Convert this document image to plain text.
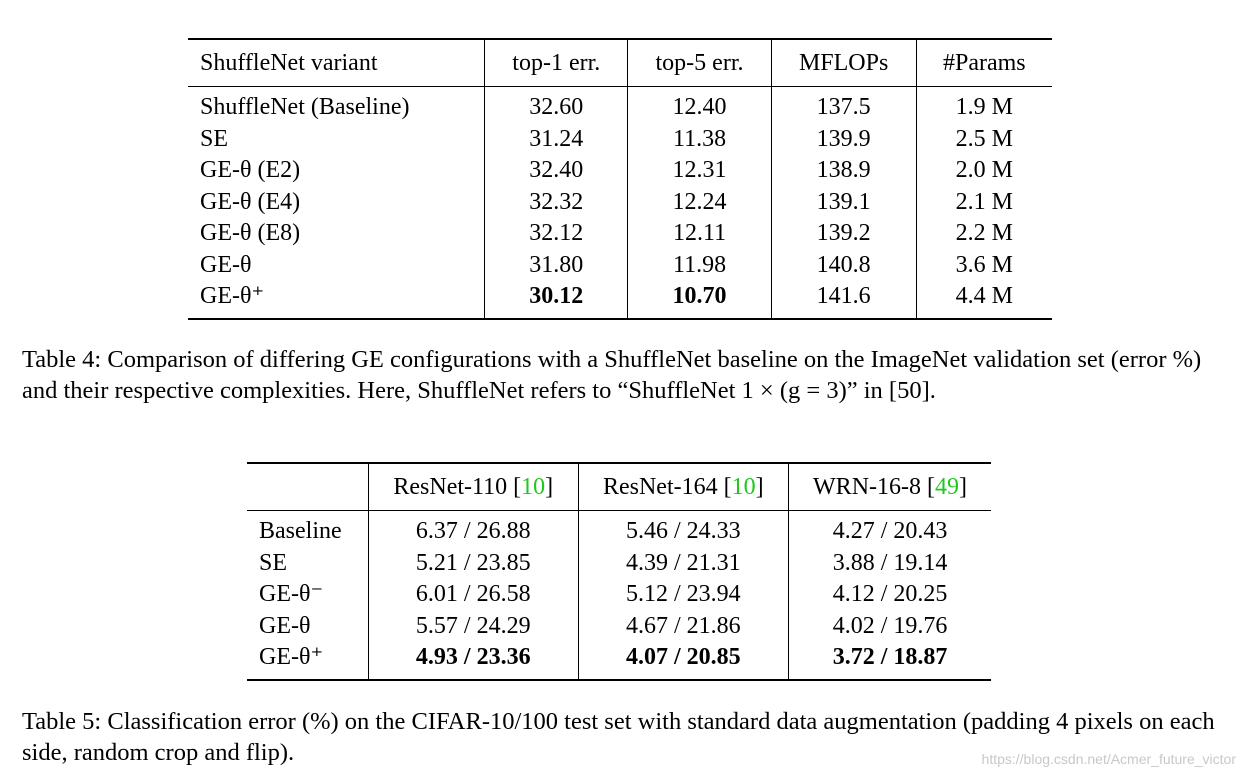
ShuffleNet variant	top-1 err.	top-5 err.	MFLOPs	#Params
ShuffleNet (Baseline)	32.60	12.40	137.5	1.9 M
SE	31.24	11.38	139.9	2.5 M
GE-θ (E2)	32.40	12.31	138.9	2.0 M
GE-θ (E4)	32.32	12.24	139.1	2.1 M
GE-θ (E8)	32.12	12.11	139.2	2.2 M
GE-θ	31.80	11.98	140.8	3.6 M
GE-θ⁺	30.12	10.70	141.6	4.4 M

Table 4: Comparison of differing GE configurations with a ShuffleNet baseline on the ImageNet validation set (error %) and their respective complexities. Here, ShuffleNet refers to “ShuffleNet 1 × (g = 3)” in [50].

	ResNet-110 [10]	ResNet-164 [10]	WRN-16-8 [49]
Baseline	6.37 / 26.88	5.46 / 24.33	4.27 / 20.43
SE	5.21 / 23.85	4.39 / 21.31	3.88 / 19.14
GE-θ⁻	6.01 / 26.58	5.12 / 23.94	4.12 / 20.25
GE-θ	5.57 / 24.29	4.67 / 21.86	4.02 / 19.76
GE-θ⁺	4.93 / 23.36	4.07 / 20.85	3.72 / 18.87

Table 5: Classification error (%) on the CIFAR-10/100 test set with standard data augmentation (padding 4 pixels on each side, random crop and flip).	https://blog.csdn.net/Acmer_future_victor
